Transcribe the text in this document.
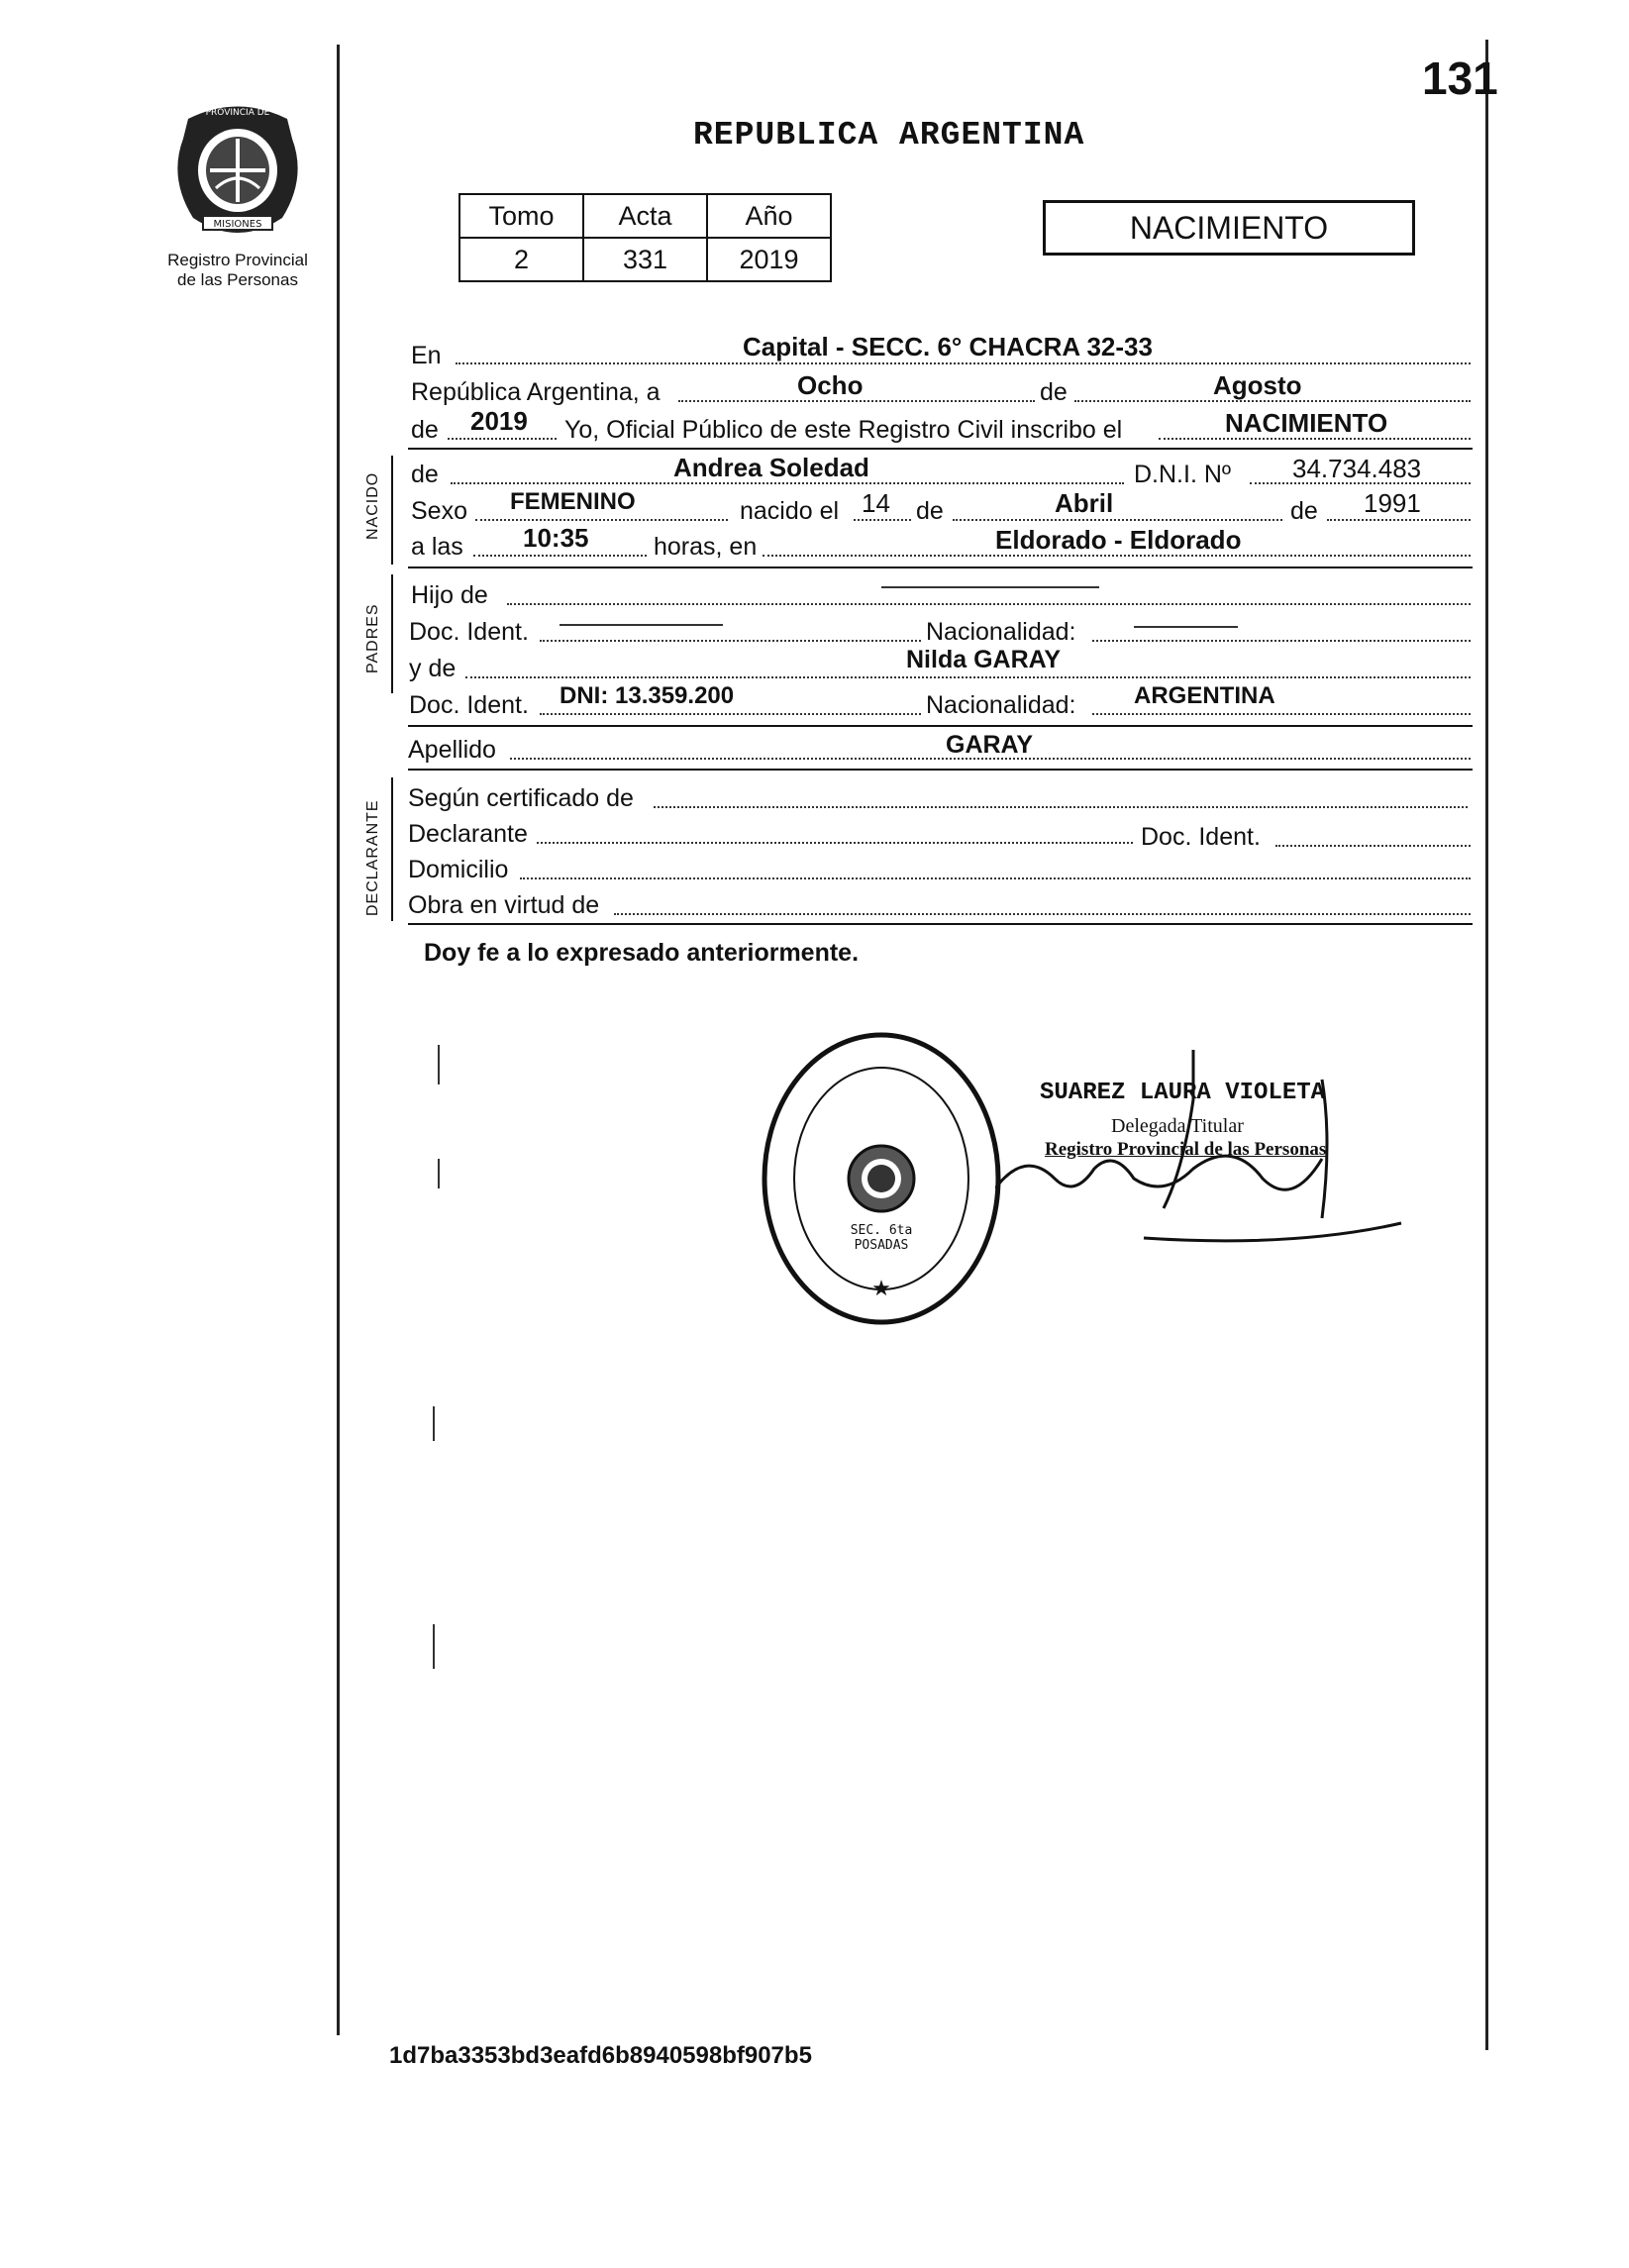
131
MISIONES
PROVINCIA DE
Registro Provincial
de las Personas
REPUBLICA ARGENTINA
Tomo	Acta	Año
2	331	2019
NACIMIENTO
En	Capital - SECC. 6° CHACRA 32-33
República Argentina, a	Ocho	de	Agosto
de 2019 Yo, Oficial Público de este Registro Civil inscribo el	NACIMIENTO
NACIDO de	Andrea Soledad	D.N.I. Nº 34.734.483
Sexo FEMENINO	nacido el 14 de	Abril	de 1991
a las 10:35	horas, en	Eldorado - Eldorado
PADRES
Hijo de
Doc. Ident.	Nacionalidad:
y de	Nilda GARAY
Doc. Ident. DNI: 13.359.200	Nacionalidad: ARGENTINA
Apellido	GARAY
DECLARANTE
Según certificado de
Declarante	Doc. Ident.
Domicilio
Obra en virtud de
Doy fe a lo expresado anteriormente.
★
DELEGACION DEL REGISTRO PROVINCIAL DE LAS PERSONAS
SEC. 6ta POSADAS
SUAREZ LAURA VIOLETA
Delegada Titular
Registro Provincial de las Personas
1d7ba3353bd3eafd6b8940598bf907b5
